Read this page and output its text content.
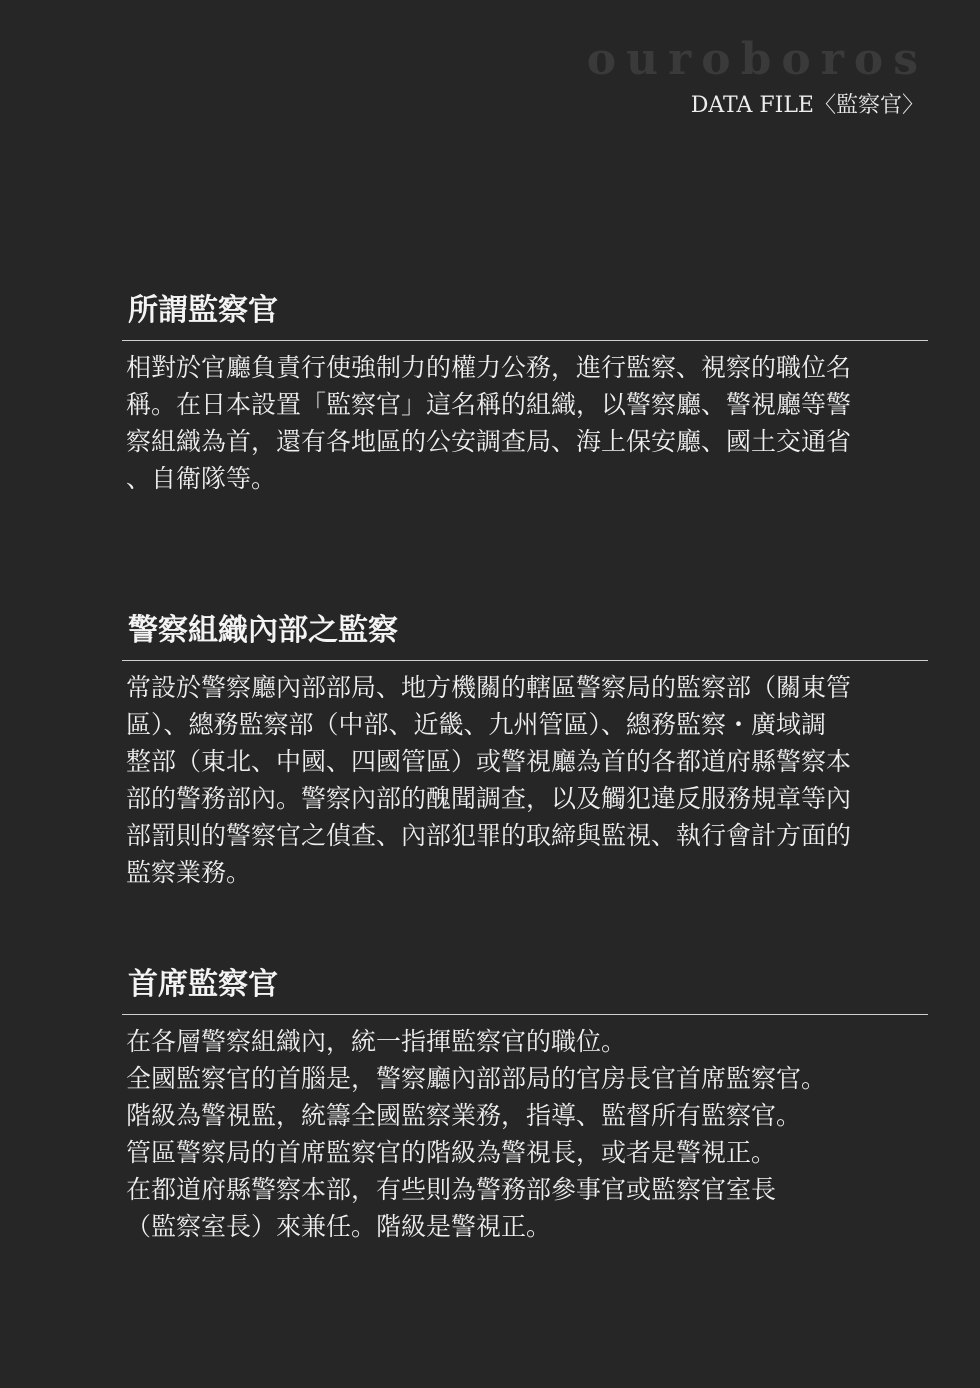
ouroboros
DATA FILE〈監察官〉
所謂監察官
相對於官廳負責行使強制力的權力公務，進行監察、視察的職位名
稱。在日本設置「監察官」這名稱的組織，以警察廳、警視廳等警
察組織為首，還有各地區的公安調查局、海上保安廳、國土交通省
、自衛隊等。
警察組織內部之監察
常設於警察廳內部部局、地方機關的轄區警察局的監察部（關東管
區）、總務監察部（中部、近畿、九州管區）、總務監察・廣域調
整部（東北、中國、四國管區）或警視廳為首的各都道府縣警察本
部的警務部內。警察內部的醜聞調查，以及觸犯違反服務規章等內
部罰則的警察官之偵查、內部犯罪的取締與監視、執行會計方面的
監察業務。
首席監察官
在各層警察組織內，統一指揮監察官的職位。
全國監察官的首腦是，警察廳內部部局的官房長官首席監察官。
階級為警視監，統籌全國監察業務，指導、監督所有監察官。
管區警察局的首席監察官的階級為警視長，或者是警視正。
在都道府縣警察本部，有些則為警務部參事官或監察官室長
（監察室長）來兼任。階級是警視正。
